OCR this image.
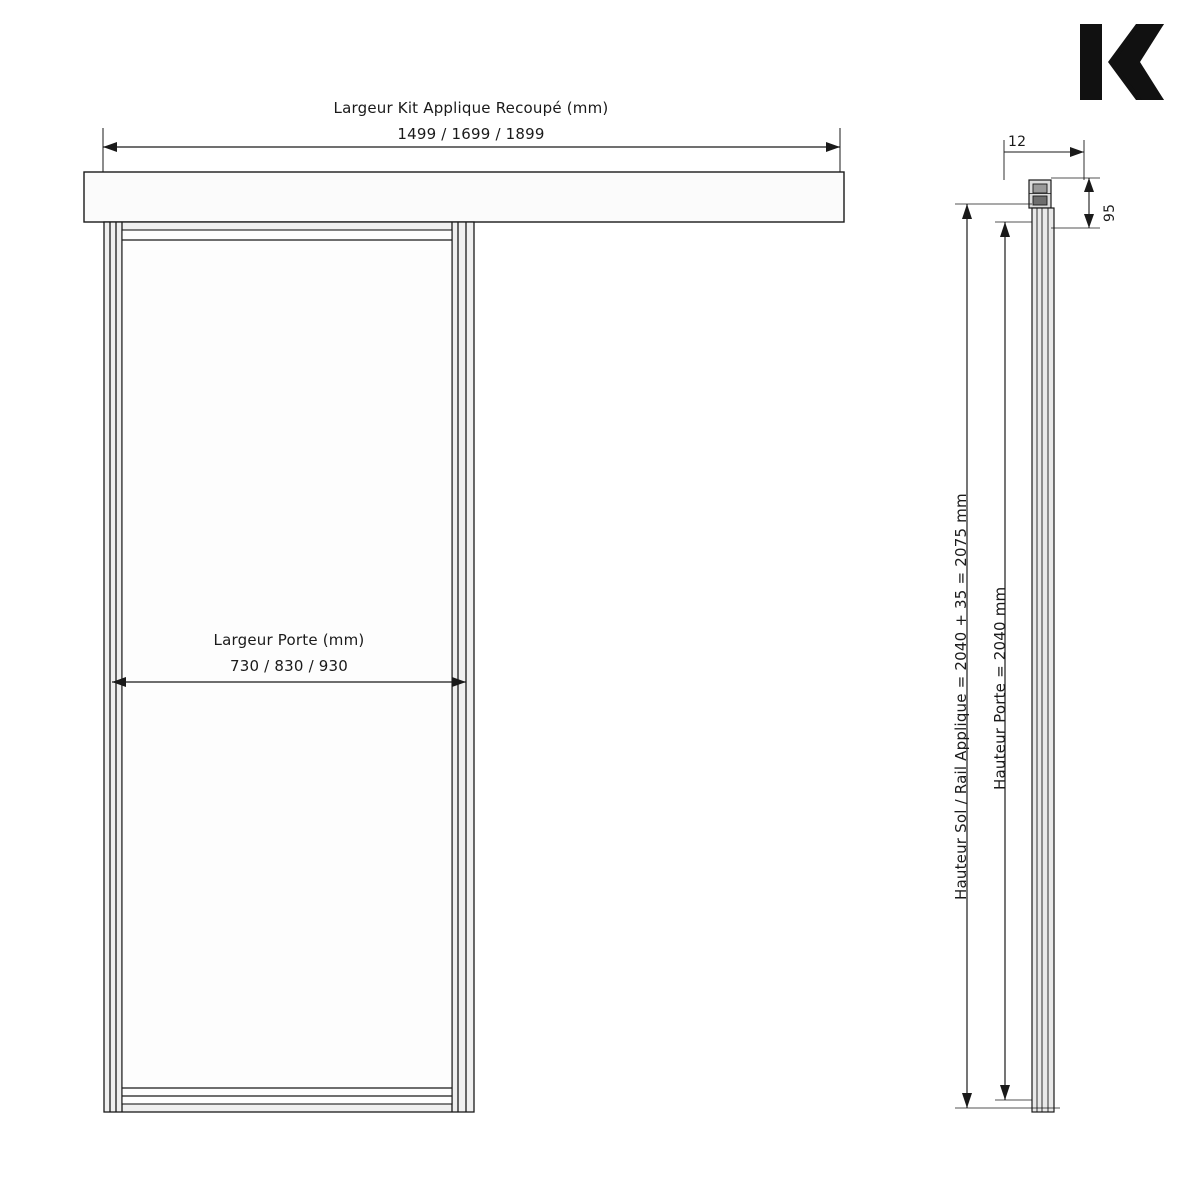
Largeur Kit Applique Recoupé (mm)
1499 / 1699 / 1899
Largeur Porte (mm)
730 / 830 / 930
12
95
Hauteur Sol / Rail Applique = 2040 + 35 = 2075 mm Hauteur Porte = 2040 mm
